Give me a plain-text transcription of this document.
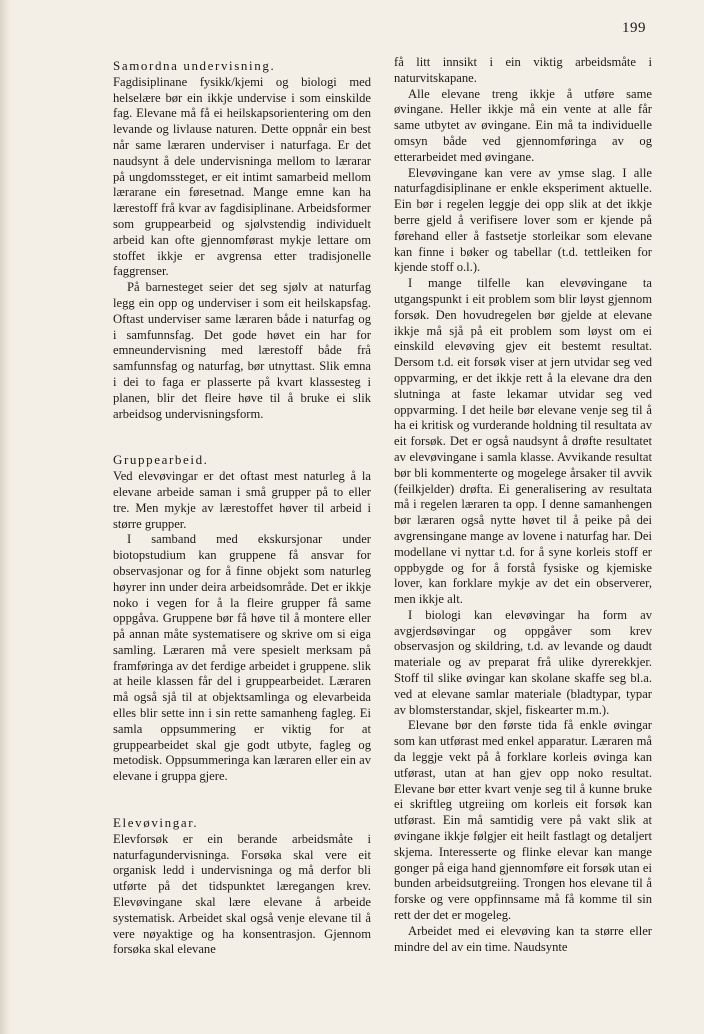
199
Samordna undervisning.

Fagdisiplinane fysikk/kjemi og biologi med helselære bør ein ikkje undervise i som einskilde fag. Elevane må få ei heilskapsorientering om den levande og livlause naturen. Dette oppnår ein best når same læraren underviser i naturfaga. Er det naudsynt å dele undervisninga mellom to lærarar på ungdomssteget, er eit intimt samarbeid mellom lærarane ein føresetnad. Mange emne kan ha lærestoff frå kvar av fagdisiplinane. Arbeidsformer som gruppearbeid og sjølvstendig individuelt arbeid kan ofte gjennomførast mykje lettare om stoffet ikkje er avgrensa etter tradisjonelle faggrenser.

På barnesteget seier det seg sjølv at naturfag legg ein opp og underviser i som eit heilskapsfag. Oftast underviser same læraren både i naturfag og i samfunnsfag. Det gode høvet ein har for emneundervisning med lærestoff både frå samfunnsfag og naturfag, bør utnyttast. Slik emna i dei to faga er plasserte på kvart klassesteg i planen, blir det fleire høve til å bruke ei slik arbeidsog undervisningsform.

Gruppearbeid.

Ved elevøvingar er det oftast mest naturleg å la elevane arbeide saman i små grupper på to eller tre. Men mykje av lærestoffet høver til arbeid i større grupper.

I samband med ekskursjonar under biotopstudium kan gruppene få ansvar for observasjonar og for å finne objekt som naturleg høyrer inn under deira arbeidsområde. Det er ikkje noko i vegen for å la fleire grupper få same oppgåva. Gruppene bør få høve til å montere eller på annan måte systematisere og skrive om si eiga samling. Læraren må vere spesielt merksam på framføringa av det ferdige arbeidet i gruppene. slik at heile klassen får del i gruppearbeidet. Læraren må også sjå til at objektsamlinga og elevarbeida elles blir sette inn i sin rette samanheng fagleg. Ei samla oppsummering er viktig for at gruppearbeidet skal gje godt utbyte, fagleg og metodisk. Oppsummeringa kan læraren eller ein av elevane i gruppa gjere.

Elevøvingar.

Elevforsøk er ein berande arbeidsmåte i naturfagundervisninga. Forsøka skal vere eit organisk ledd i undervisninga og må derfor bli utførte på det tidspunktet læregangen krev. Elevøvingane skal lære elevane å arbeide systematisk. Arbeidet skal også venje elevane til å vere nøyaktige og ha konsentrasjon. Gjennom forsøka skal elevane

få litt innsikt i ein viktig arbeidsmåte i naturvitskapane.

Alle elevane treng ikkje å utføre same øvingane. Heller ikkje må ein vente at alle får same utbytet av øvingane. Ein må ta individuelle omsyn både ved gjennomføringa av og etterarbeidet med øvingane.

Elevøvingane kan vere av ymse slag. I alle naturfagdisiplinane er enkle eksperiment aktuelle. Ein bør i regelen leggje dei opp slik at det ikkje berre gjeld å verifisere lover som er kjende på førehand eller å fastsetje storleikar som elevane kan finne i bøker og tabellar (t.d. tettleiken for kjende stoff o.l.).

I mange tilfelle kan elevøvingane ta utgangspunkt i eit problem som blir løyst gjennom forsøk. Den hovudregelen bør gjelde at elevane ikkje må sjå på eit problem som løyst om ei einskild elevøving gjev eit bestemt resultat. Dersom t.d. eit forsøk viser at jern utvidar seg ved oppvarming, er det ikkje rett å la elevane dra den slutninga at faste lekamar utvidar seg ved oppvarming. I det heile bør elevane venje seg til å ha ei kritisk og vurderande holdning til resultata av eit forsøk. Det er også naudsynt å drøfte resultatet av elevøvingane i samla klasse. Avvikande resultat bør bli kommenterte og mogelege årsaker til avvik (feilkjelder) drøfta. Ei generalisering av resultata må i regelen læraren ta opp. I denne samanhengen bør læraren også nytte høvet til å peike på dei avgrensingane mange av lovene i naturfag har. Dei modellane vi nyttar t.d. for å syne korleis stoff er oppbygde og for å forstå fysiske og kjemiske lover, kan forklare mykje av det ein observerer, men ikkje alt.

I biologi kan elevøvingar ha form av avgjerdsøvingar og oppgåver som krev observasjon og skildring, t.d. av levande og daudt materiale og av preparat frå ulike dyrerekkjer. Stoff til slike øvingar kan skolane skaffe seg bl.a. ved at elevane samlar materiale (bladtypar, typar av blomsterstandar, skjel, fiskearter m.m.).

Elevane bør den første tida få enkle øvingar som kan utførast med enkel apparatur. Læraren må da leggje vekt på å forklare korleis øvinga kan utførast, utan at han gjev opp noko resultat. Elevane bør etter kvart venje seg til å kunne bruke ei skriftleg utgreiing om korleis eit forsøk kan utførast. Ein må samtidig vere på vakt slik at øvingane ikkje følgjer eit heilt fastlagt og detaljert skjema. Interesserte og flinke elevar kan mange gonger på eiga hand gjennomføre eit forsøk utan ei bunden arbeidsutgreiing. Trongen hos elevane til å forske og vere oppfinnsame må få komme til sin rett der det er mogeleg.

Arbeidet med ei elevøving kan ta større eller mindre del av ein time. Naudsynte
